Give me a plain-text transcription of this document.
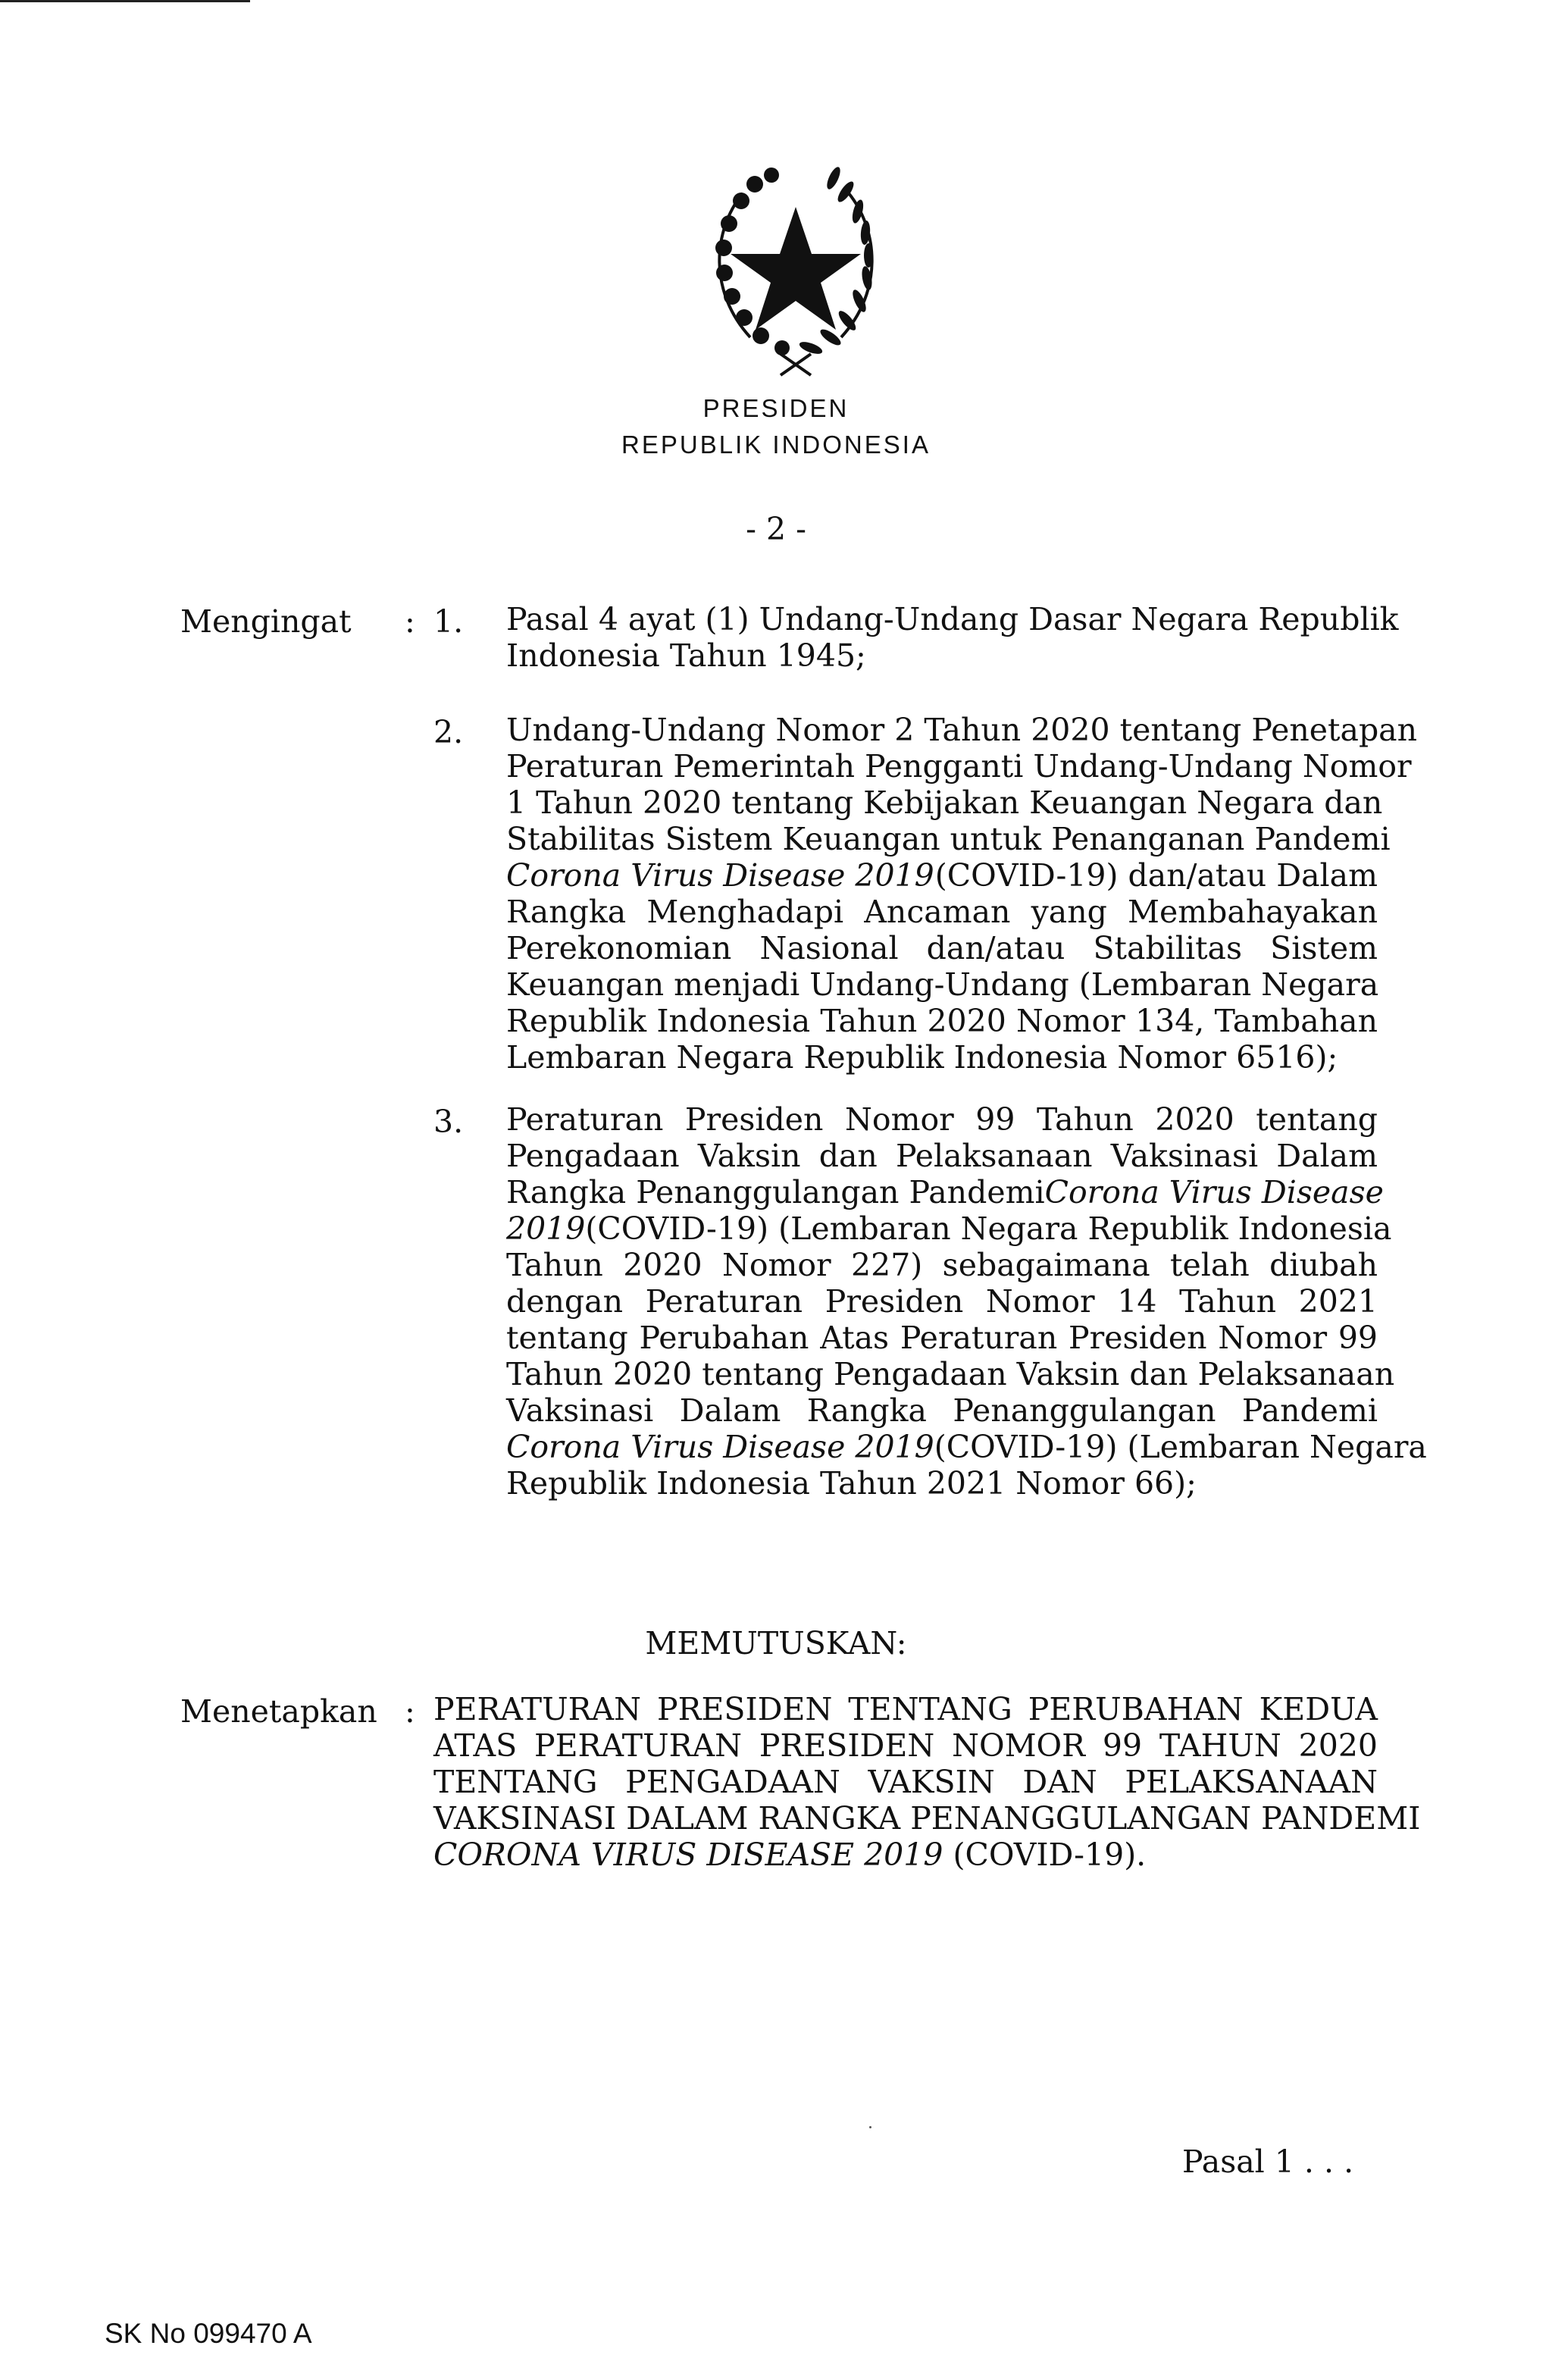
PRESIDEN
REPUBLIK INDONESIA
- 2 -
Mengingat : 1. Pasal 4 ayat (1) Undang-Undang Dasar Negara Republik
Indonesia Tahun 1945;
2. Undang-Undang Nomor 2 Tahun 2020 tentang Penetapan
Peraturan Pemerintah Pengganti Undang-Undang Nomor
1 Tahun 2020 tentang Kebijakan Keuangan Negara dan
Stabilitas Sistem Keuangan untuk Penanganan Pandemi
Corona Virus Disease 2019 (COVID-19) dan/atau Dalam
Rangka Menghadapi Ancaman yang Membahayakan
Perekonomian Nasional dan/atau Stabilitas Sistem
Keuangan menjadi Undang-Undang (Lembaran Negara
Republik Indonesia Tahun 2020 Nomor 134, Tambahan
Lembaran Negara Republik Indonesia Nomor 6516);
3. Peraturan Presiden Nomor 99 Tahun 2020 tentang
Pengadaan Vaksin dan Pelaksanaan Vaksinasi Dalam
Rangka Penanggulangan Pandemi Corona Virus Disease
2019 (COVID-19) (Lembaran Negara Republik Indonesia
Tahun 2020 Nomor 227) sebagaimana telah diubah
dengan Peraturan Presiden Nomor 14 Tahun 2021
tentang Perubahan Atas Peraturan Presiden Nomor 99
Tahun 2020 tentang Pengadaan Vaksin dan Pelaksanaan
Vaksinasi Dalam Rangka Penanggulangan Pandemi
Corona Virus Disease 2019 (COVID-19) (Lembaran Negara
Republik Indonesia Tahun 2021 Nomor 66);
MEMUTUSKAN:
Menetapkan : PERATURAN PRESIDEN TENTANG PERUBAHAN KEDUA
ATAS PERATURAN PRESIDEN NOMOR 99 TAHUN 2020
TENTANG PENGADAAN VAKSIN DAN PELAKSANAAN
VAKSINASI DALAM RANGKA PENANGGULANGAN PANDEMI
CORONA VIRUS DISEASE 2019 (COVID-19).
Pasal 1 . . .
SK No 099470 A
